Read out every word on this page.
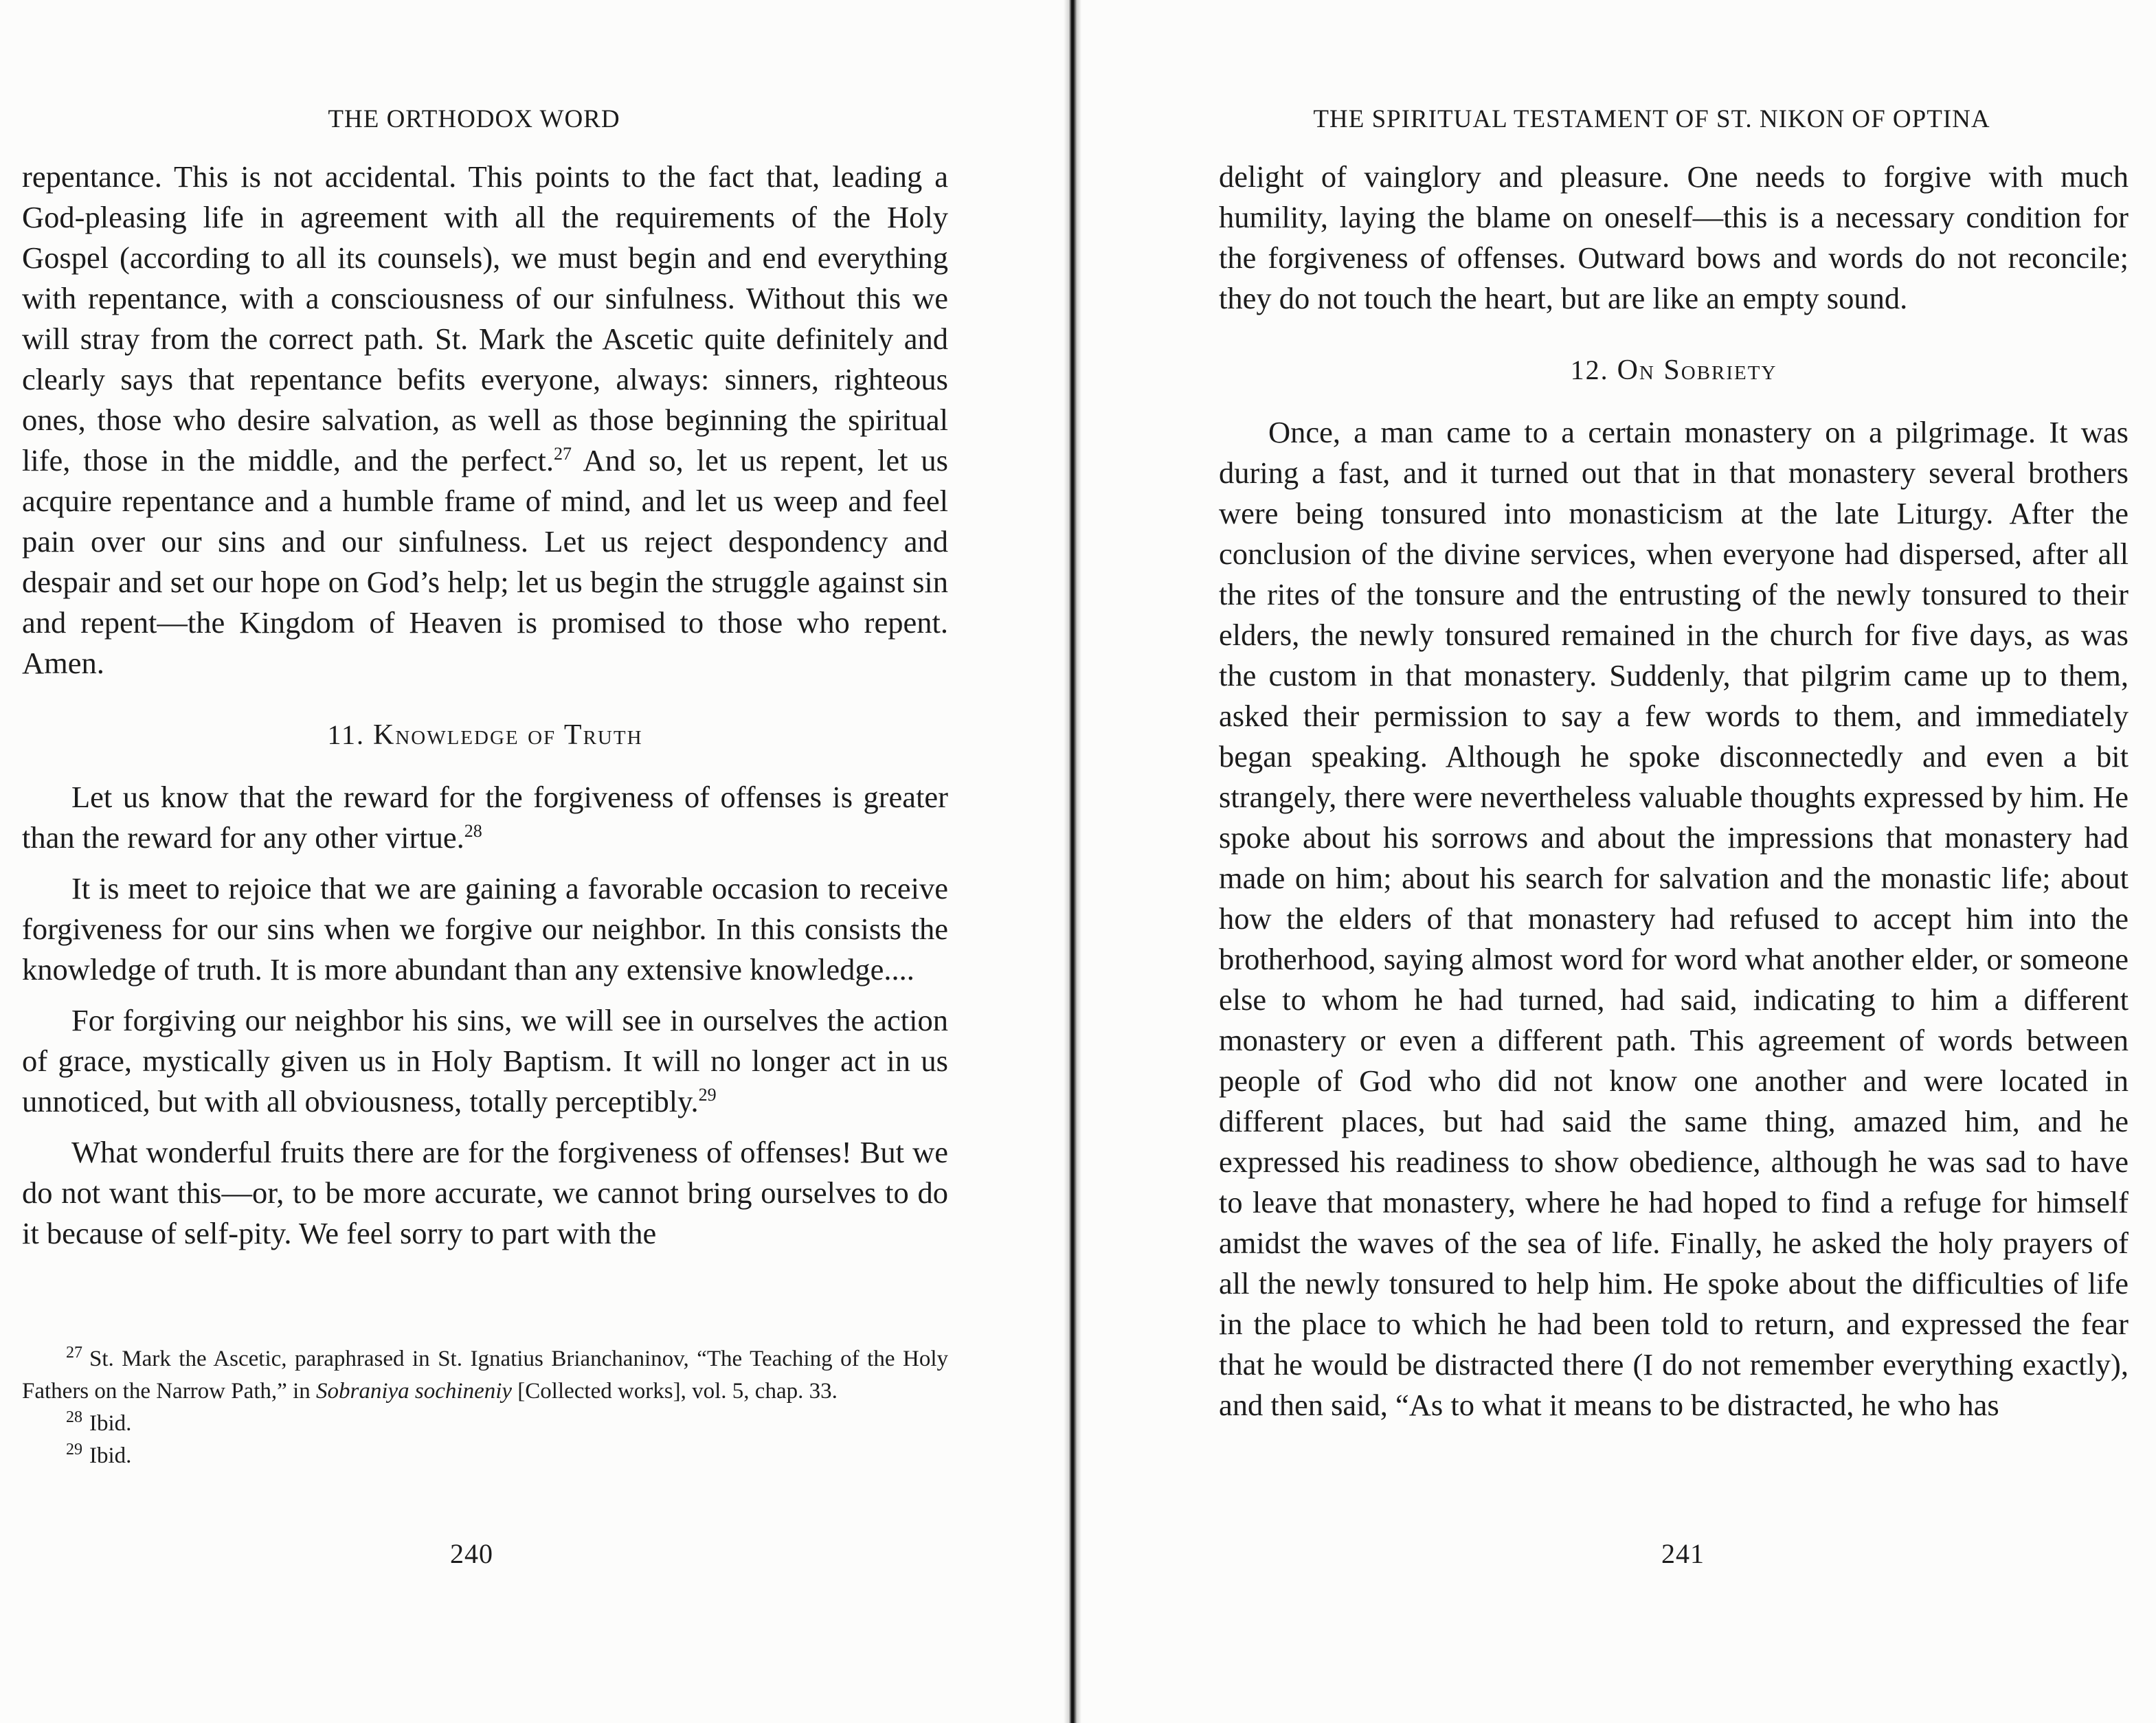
THE ORTHODOX WORD

repentance. This is not accidental. This points to the fact that, leading a God-pleasing life in agreement with all the requirements of the Holy Gospel (according to all its counsels), we must begin and end everything with repentance, with a consciousness of our sinfulness. Without this we will stray from the correct path. St. Mark the Ascetic quite definitely and clearly says that repentance befits everyone, always: sinners, righteous ones, those who desire salvation, as well as those beginning the spiritual life, those in the middle, and the perfect.$^{27}$ And so, let us repent, let us acquire repentance and a humble frame of mind, and let us weep and feel pain over our sins and our sinfulness. Let us reject despondency and despair and set our hope on God’s help; let us begin the struggle against sin and repent—the Kingdom of Heaven is promised to those who repent. Amen.

11. Knowledge of Truth

Let us know that the reward for the forgiveness of offenses is greater than the reward for any other virtue.$^{28}$

It is meet to rejoice that we are gaining a favorable occasion to receive forgiveness for our sins when we forgive our neighbor. In this consists the knowledge of truth. It is more abundant than any extensive knowledge....

For forgiving our neighbor his sins, we will see in ourselves the action of grace, mystically given us in Holy Baptism. It will no longer act in us unnoticed, but with all obviousness, totally perceptibly.$^{29}$

What wonderful fruits there are for the forgiveness of offenses! But we do not want this—or, to be more accurate, we cannot bring ourselves to do it because of self-pity. We feel sorry to part with the

$^{27}$ St. Mark the Ascetic, paraphrased in St. Ignatius Brianchaninov, “The Teaching of the Holy Fathers on the Narrow Path,” in Sobraniya sochineniy [Collected works], vol. 5, chap. 33.

$^{28}$ Ibid.

$^{29}$ Ibid.

240
THE SPIRITUAL TESTAMENT OF ST. NIKON OF OPTINA

delight of vainglory and pleasure. One needs to forgive with much humility, laying the blame on oneself—this is a necessary condition for the forgiveness of offenses. Outward bows and words do not reconcile; they do not touch the heart, but are like an empty sound.

12. On Sobriety

Once, a man came to a certain monastery on a pilgrimage. It was during a fast, and it turned out that in that monastery several brothers were being tonsured into monasticism at the late Liturgy. After the conclusion of the divine services, when everyone had dispersed, after all the rites of the tonsure and the entrusting of the newly tonsured to their elders, the newly tonsured remained in the church for five days, as was the custom in that monastery. Suddenly, that pilgrim came up to them, asked their permission to say a few words to them, and immediately began speaking. Although he spoke disconnectedly and even a bit strangely, there were nevertheless valuable thoughts expressed by him. He spoke about his sorrows and about the impressions that monastery had made on him; about his search for salvation and the monastic life; about how the elders of that monastery had refused to accept him into the brotherhood, saying almost word for word what another elder, or someone else to whom he had turned, had said, indicating to him a different monastery or even a different path. This agreement of words between people of God who did not know one another and were located in different places, but had said the same thing, amazed him, and he expressed his readiness to show obedience, although he was sad to have to leave that monastery, where he had hoped to find a refuge for himself amidst the waves of the sea of life. Finally, he asked the holy prayers of all the newly tonsured to help him. He spoke about the difficulties of life in the place to which he had been told to return, and expressed the fear that he would be distracted there (I do not remember everything exactly), and then said, “As to what it means to be distracted, he who has

241
